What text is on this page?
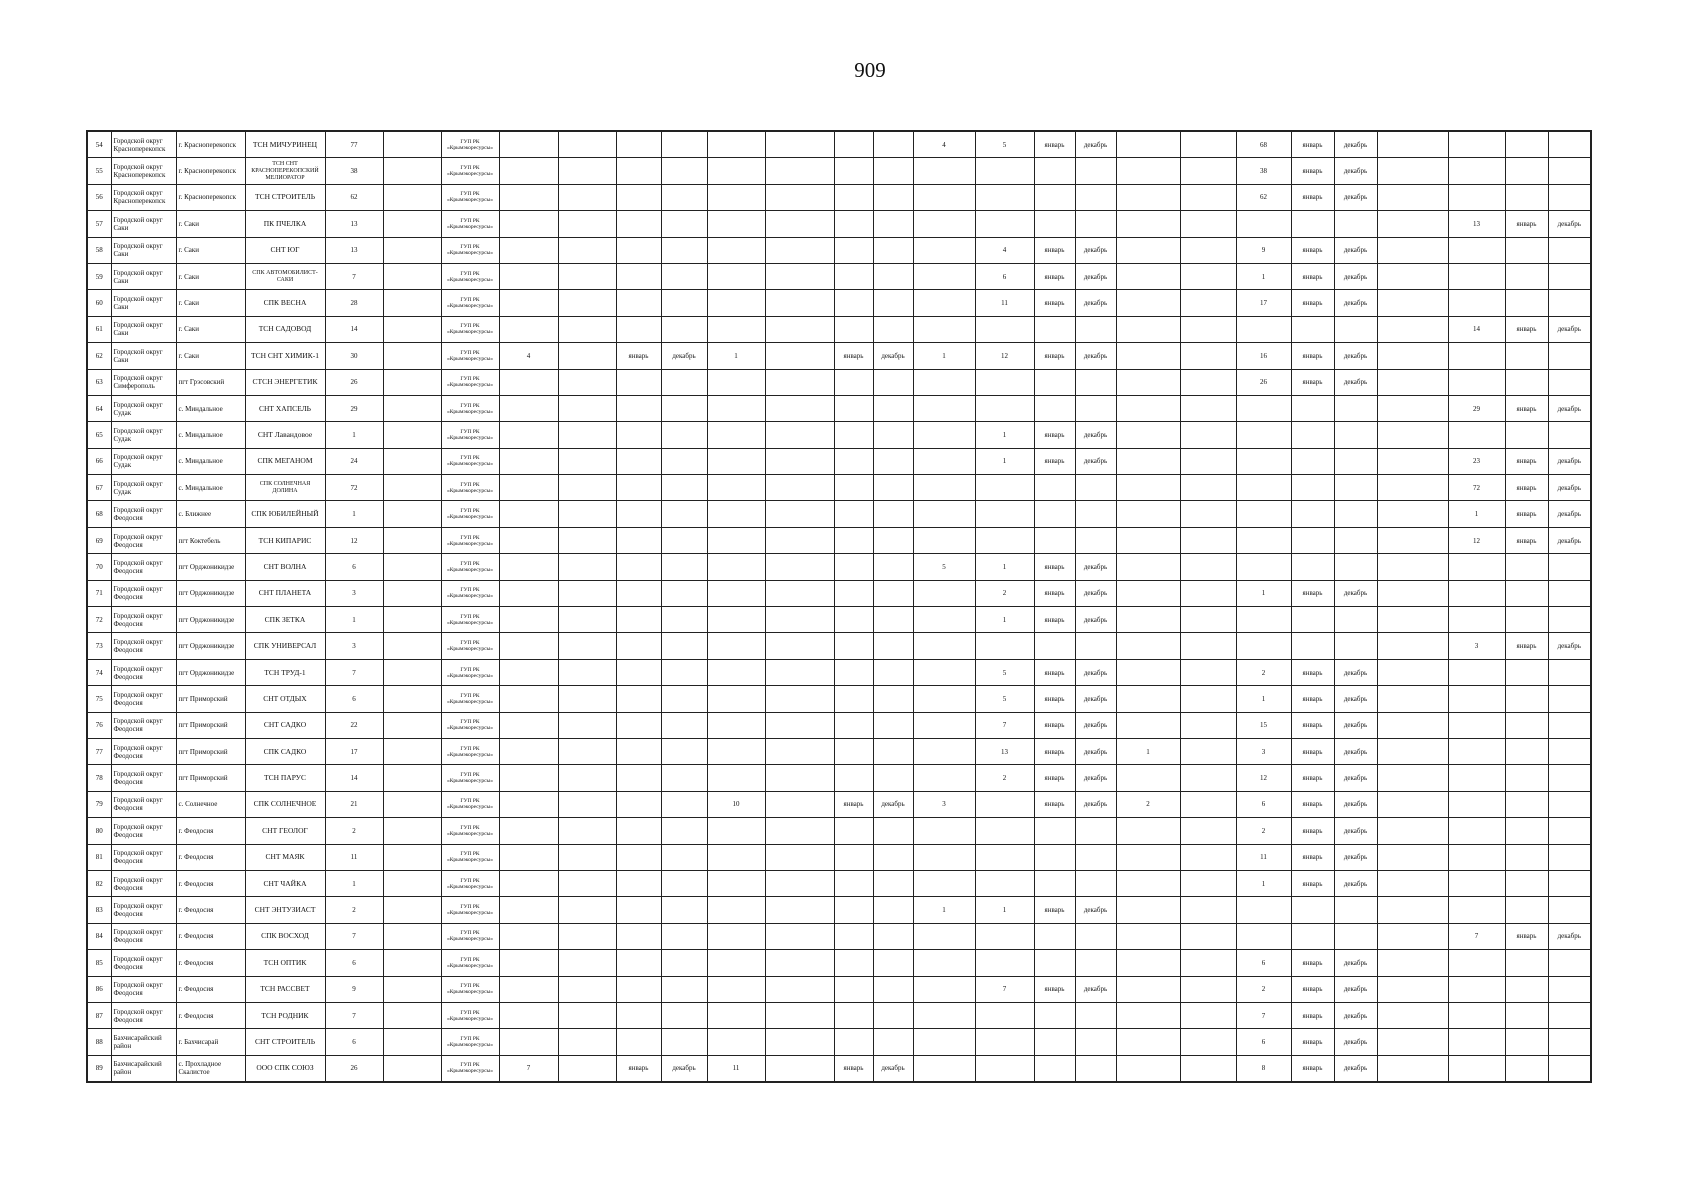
909
54	Городской округ Красноперекопск	г. Красноперекопск	ТСН МИЧУРИНЕЦ	77		ГУП РК «Крымэкоресурсы»									4	5	январь	декабрь			68	январь	декабрь				
55	Городской округ Красноперекопск	г. Красноперекопск	ТСН СНТ КРАСНОПЕРЕКОПСКИЙ МЕЛИОРАТОР	38		ГУП РК «Крымэкоресурсы»															38	январь	декабрь				
56	Городской округ Красноперекопск	г. Красноперекопск	ТСН СТРОИТЕЛЬ	62		ГУП РК «Крымэкоресурсы»															62	январь	декабрь				
57	Городской округ Саки	г. Саки	ПК ПЧЕЛКА	13		ГУП РК «Крымэкоресурсы»																			13	январь	декабрь
58	Городской округ Саки	г. Саки	СНТ ЮГ	13		ГУП РК «Крымэкоресурсы»										4	январь	декабрь			9	январь	декабрь				
59	Городской округ Саки	г. Саки	СПК АВТОМОБИЛИСТ-САКИ	7		ГУП РК «Крымэкоресурсы»										6	январь	декабрь			1	январь	декабрь				
60	Городской округ Саки	г. Саки	СПК ВЕСНА	28		ГУП РК «Крымэкоресурсы»										11	январь	декабрь			17	январь	декабрь				
61	Городской округ Саки	г. Саки	ТСН САДОВОД	14		ГУП РК «Крымэкоресурсы»																			14	январь	декабрь
62	Городской округ Саки	г. Саки	ТСН СНТ ХИМИК-1	30		ГУП РК «Крымэкоресурсы»	4		январь	декабрь	1		январь	декабрь	1	12	январь	декабрь			16	январь	декабрь				
63	Городской округ Симферополь	пгт Грэсовский	СТСН ЭНЕРГЕТИК	26		ГУП РК «Крымэкоресурсы»															26	январь	декабрь				
64	Городской округ Судак	с. Миндальное	СНТ ХАПСЕЛЬ	29		ГУП РК «Крымэкоресурсы»																			29	январь	декабрь
65	Городской округ Судак	с. Миндальное	СНТ Лавандовое	1		ГУП РК «Крымэкоресурсы»										1	январь	декабрь									
66	Городской округ Судак	с. Миндальное	СПК МЕГАНОМ	24		ГУП РК «Крымэкоресурсы»										1	январь	декабрь							23	январь	декабрь
67	Городской округ Судак	с. Миндальное	СПК СОЛНЕЧНАЯ ДОЛИНА	72		ГУП РК «Крымэкоресурсы»																			72	январь	декабрь
68	Городской округ Феодосия	с. Ближнее	СПК ЮБИЛЕЙНЫЙ	1		ГУП РК «Крымэкоресурсы»																			1	январь	декабрь
69	Городской округ Феодосия	пгт Коктебель	ТСН КИПАРИС	12		ГУП РК «Крымэкоресурсы»																			12	январь	декабрь
70	Городской округ Феодосия	пгт Орджоникидзе	СНТ ВОЛНА	6		ГУП РК «Крымэкоресурсы»									5	1	январь	декабрь									
71	Городской округ Феодосия	пгт Орджоникидзе	СНТ ПЛАНЕТА	3		ГУП РК «Крымэкоресурсы»										2	январь	декабрь			1	январь	декабрь				
72	Городской округ Феодосия	пгт Орджоникидзе	СПК ЗЕТКА	1		ГУП РК «Крымэкоресурсы»										1	январь	декабрь									
73	Городской округ Феодосия	пгт Орджоникидзе	СПК УНИВЕРСАЛ	3		ГУП РК «Крымэкоресурсы»																			3	январь	декабрь
74	Городской округ Феодосия	пгт Орджоникидзе	ТСН ТРУД-1	7		ГУП РК «Крымэкоресурсы»										5	январь	декабрь			2	январь	декабрь				
75	Городской округ Феодосия	пгт Приморский	СНТ ОТДЫХ	6		ГУП РК «Крымэкоресурсы»										5	январь	декабрь			1	январь	декабрь				
76	Городской округ Феодосия	пгт Приморский	СНТ САДКО	22		ГУП РК «Крымэкоресурсы»										7	январь	декабрь			15	январь	декабрь				
77	Городской округ Феодосия	пгт Приморский	СПК САДКО	17		ГУП РК «Крымэкоресурсы»										13	январь	декабрь	1		3	январь	декабрь				
78	Городской округ Феодосия	пгт Приморский	ТСН ПАРУС	14		ГУП РК «Крымэкоресурсы»										2	январь	декабрь			12	январь	декабрь				
79	Городской округ Феодосия	с. Солнечное	СПК СОЛНЕЧНОЕ	21		ГУП РК «Крымэкоресурсы»					10		январь	декабрь	3		январь	декабрь	2		6	январь	декабрь				
80	Городской округ Феодосия	г. Феодосия	СНТ ГЕОЛОГ	2		ГУП РК «Крымэкоресурсы»															2	январь	декабрь				
81	Городской округ Феодосия	г. Феодосия	СНТ МАЯК	11		ГУП РК «Крымэкоресурсы»															11	январь	декабрь				
82	Городской округ Феодосия	г. Феодосия	СНТ ЧАЙКА	1		ГУП РК «Крымэкоресурсы»															1	январь	декабрь				
83	Городской округ Феодосия	г. Феодосия	СНТ ЭНТУЗИАСТ	2		ГУП РК «Крымэкоресурсы»									1	1	январь	декабрь									
84	Городской округ Феодосия	г. Феодосия	СПК ВОСХОД	7		ГУП РК «Крымэкоресурсы»																			7	январь	декабрь
85	Городской округ Феодосия	г. Феодосия	ТСН ОПТИК	6		ГУП РК «Крымэкоресурсы»															6	январь	декабрь				
86	Городской округ Феодосия	г. Феодосия	ТСН РАССВЕТ	9		ГУП РК «Крымэкоресурсы»										7	январь	декабрь			2	январь	декабрь				
87	Городской округ Феодосия	г. Феодосия	ТСН РОДНИК	7		ГУП РК «Крымэкоресурсы»															7	январь	декабрь				
88	Бахчисарайский район	г. Бахчисарай	СНТ СТРОИТЕЛЬ	6		ГУП РК «Крымэкоресурсы»															6	январь	декабрь				
89	Бахчисарайский район	с. Прохладное Скалистое	ООО СПК СОЮЗ	26		ГУП РК «Крымэкоресурсы»	7		январь	декабрь	11		январь	декабрь							8	январь	декабрь				
